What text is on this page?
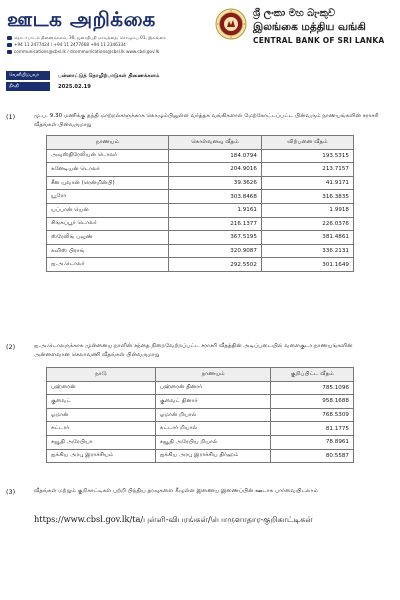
ஊடக அறிக்கை
தொடர்பாடல் திணைக்களம், 30, ஜனாதிபதி மாவத்தை, கொழும்பு 01, இலங்கை
+94 11 2477424 / +94 11 2477668 +94 11 2346334
communications@cbsl.lk / dcommunications@cbsl.lk www.cbsl.gov.lk
ශ්‍රී ලංකා මහ බැංකුව
இலங்கை மத்திய வங்கி
CENTRAL BANK OF SRI LANKA
வெளியிடுபவர்	பன்னாட்டுத் தொழிற்பாடுகள் திணைக்களம்
திகதி	2025.02.19
(1)	மு.ப. 9.30 மணிக்கு தந்தி மாற்றல்களுக்காக கொழும்பிலுள்ள வர்த்தக வங்கிகளால் மேற்கோட்டப்பட்ட பின்வரும் நாணயங்களின் சராசரி வீதங்கள் பின்வருமாறு
நாணயம்	கொள்வனவு வீதம்	விற்பனை வீதம்
அவுஸ்திரேலியன் டொலர்	184.0794	193.5315
கனேடியன் டொலர்	204.9016	213.7157
சீன யுவான் (ரென்மின்பி)	39.3626	41.9171
யூரோ	303.8468	316.3835
யப்பான் யென்	1.9161	1.9918
சிங்கப்பூர் டொலர்	216.1377	226.0376
ஸ்ரேலிங் பவுண்	367.5195	381.4861
சுவிஸ் பிராங்	320.9087	336.2131
ஐ.அ.டொலர்	292.5502	301.1649
(2)	ஐ.அ.டொலருக்காக முன்னைய நாளின் சந்தை நிறைவேற்றப்பட்ட சராசரி வீதத்தின் அடிப்படையில் வளைகுடா நாணயங்களின் அன்னளவான செலாவணி வீதங்கள் பின்வருமாறு
நாடு	நாணயம்	குறிப்பிட்ட வீதம்
பஹ்ரைன்	பஹ்ரைன் தினார்	785.1096
குவைட்	குவைட் தினார்	958.1688
ஓமான்	ஓமான் றியால்	768.5309
கட்டார்	கட்டார் றியால்	81.1775
சவூதி அரேபியா	சவூதி அரேபிய றியால்	78.8961
ஐக்கிய அரபு இராச்சியம்	ஐக்கிய அரபு இராச்சிய திர்ஹம்	80.5587
(3)	வீதங்கள் மற்றும் குறிகாட்டிகள் பற்றி பிந்திய தரவுகளை கீழுள்ள இணைய இணைப்பின் ஊடாக பார்வையிடலாம்
https://www.cbsl.gov.lk/ta/புள்ளி-விபரங்கள்/பொருளாதார-குறிகாட்டிகள்
